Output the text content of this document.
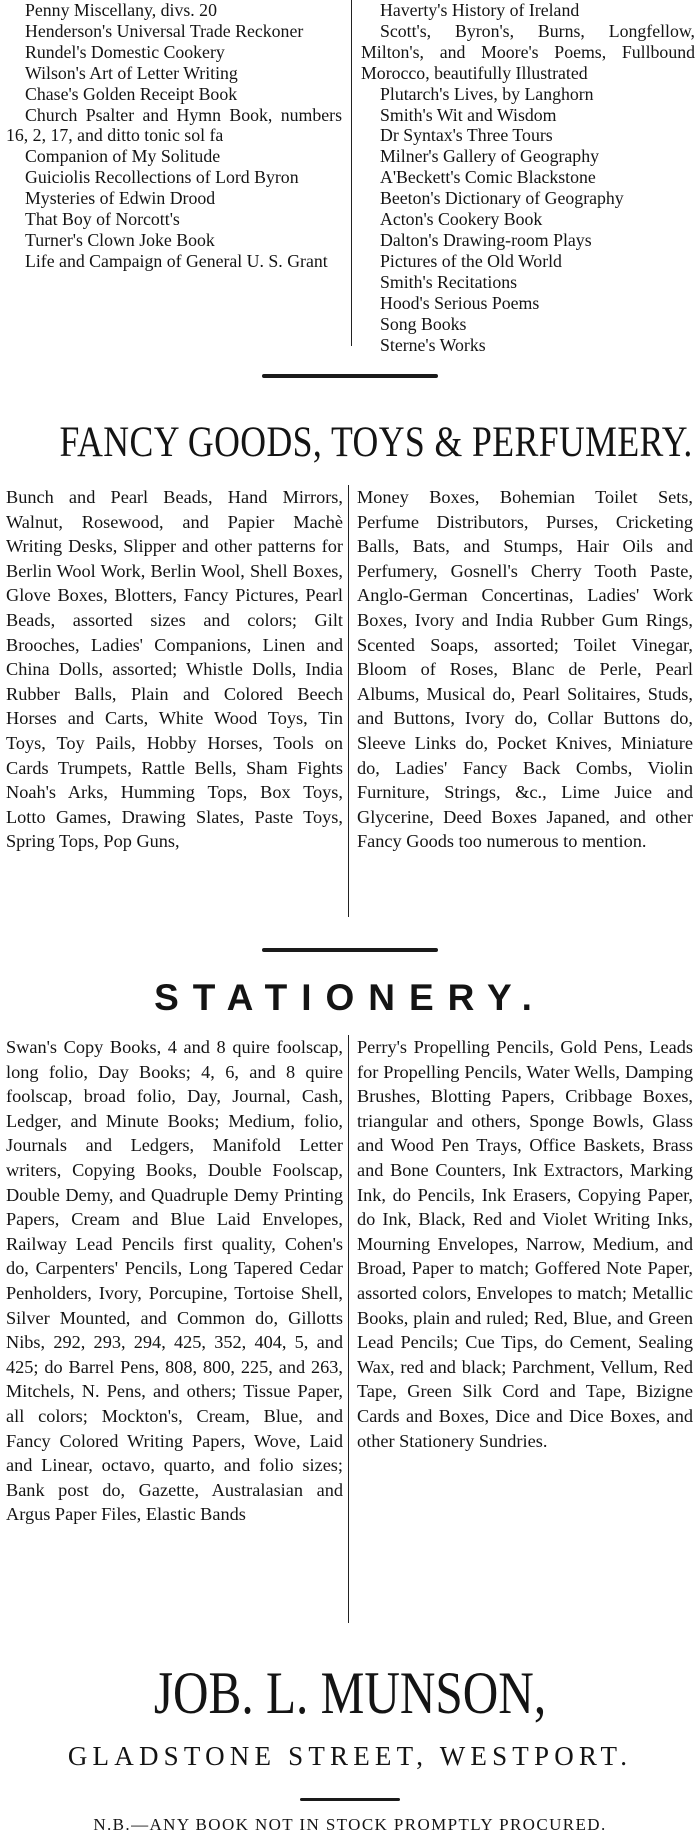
Penny Miscellany, divs. 20
Henderson's Universal Trade Reckoner
Rundel's Domestic Cookery
Wilson's Art of Letter Writing
Chase's Golden Receipt Book
Church Psalter and Hymn Book, numbers 16, 2, 17, and ditto tonic sol fa
Companion of My Solitude
Guiciolis Recollections of Lord Byron
Mysteries of Edwin Drood
That Boy of Norcott's
Turner's Clown Joke Book
Life and Campaign of General U. S. Grant
Haverty's History of Ireland
Scott's, Byron's, Burns, Longfellow, Milton's, and Moore's Poems, Fullbound Morocco, beautifully Illustrated
Plutarch's Lives, by Langhorn
Smith's Wit and Wisdom
Dr Syntax's Three Tours
Milner's Gallery of Geography
A'Beckett's Comic Blackstone
Beeton's Dictionary of Geography
Acton's Cookery Book
Dalton's Drawing-room Plays
Pictures of the Old World
Smith's Recitations
Hood's Serious Poems
Song Books
Sterne's Works
FANCY GOODS, TOYS & PERFUMERY.
Bunch and Pearl Beads, Hand Mirrors, Walnut, Rosewood, and Papier Machè Writing Desks, Slipper and other patterns for Berlin Wool Work, Berlin Wool, Shell Boxes, Glove Boxes, Blotters, Fancy Pictures, Pearl Beads, assorted sizes and colors; Gilt Brooches, Ladies' Companions, Linen and China Dolls, assorted; Whistle Dolls, India Rubber Balls, Plain and Colored Beech Horses and Carts, White Wood Toys, Tin Toys, Toy Pails, Hobby Horses, Tools on Cards Trumpets, Rattle Bells, Sham Fights Noah's Arks, Humming Tops, Box Toys, Lotto Games, Drawing Slates, Paste Toys, Spring Tops, Pop Guns,
Money Boxes, Bohemian Toilet Sets, Perfume Distributors, Purses, Cricketing Balls, Bats, and Stumps, Hair Oils and Perfumery, Gosnell's Cherry Tooth Paste, Anglo-German Concertinas, Ladies' Work Boxes, Ivory and India Rubber Gum Rings, Scented Soaps, assorted; Toilet Vinegar, Bloom of Roses, Blanc de Perle, Pearl Albums, Musical do, Pearl Solitaires, Studs, and Buttons, Ivory do, Collar Buttons do, Sleeve Links do, Pocket Knives, Miniature do, Ladies' Fancy Back Combs, Violin Furniture, Strings, &c., Lime Juice and Glycerine, Deed Boxes Japaned, and other Fancy Goods too numerous to mention.
STATIONERY.
Swan's Copy Books, 4 and 8 quire foolscap, long folio, Day Books; 4, 6, and 8 quire foolscap, broad folio, Day, Journal, Cash, Ledger, and Minute Books; Medium, folio, Journals and Ledgers, Manifold Letter writers, Copying Books, Double Foolscap, Double Demy, and Quadruple Demy Printing Papers, Cream and Blue Laid Envelopes, Railway Lead Pencils first quality, Cohen's do, Carpenters' Pencils, Long Tapered Cedar Penholders, Ivory, Porcupine, Tortoise Shell, Silver Mounted, and Common do, Gillotts Nibs, 292, 293, 294, 425, 352, 404, 5, and 425; do Barrel Pens, 808, 800, 225, and 263, Mitchels, N. Pens, and others; Tissue Paper, all colors; Mockton's, Cream, Blue, and Fancy Colored Writing Papers, Wove, Laid and Linear, octavo, quarto, and folio sizes; Bank post do, Gazette, Australasian and Argus Paper Files, Elastic Bands
Perry's Propelling Pencils, Gold Pens, Leads for Propelling Pencils, Water Wells, Damping Brushes, Blotting Papers, Cribbage Boxes, triangular and others, Sponge Bowls, Glass and Wood Pen Trays, Office Baskets, Brass and Bone Counters, Ink Extractors, Marking Ink, do Pencils, Ink Erasers, Copying Paper, do Ink, Black, Red and Violet Writing Inks, Mourning Envelopes, Narrow, Medium, and Broad, Paper to match; Goffered Note Paper, assorted colors, Envelopes to match; Metallic Books, plain and ruled; Red, Blue, and Green Lead Pencils; Cue Tips, do Cement, Sealing Wax, red and black; Parchment, Vellum, Red Tape, Green Silk Cord and Tape, Bizigne Cards and Boxes, Dice and Dice Boxes, and other Stationery Sundries.
JOB. L. MUNSON,
GLADSTONE STREET, WESTPORT.
N.B.—ANY BOOK NOT IN STOCK PROMPTLY PROCURED.
